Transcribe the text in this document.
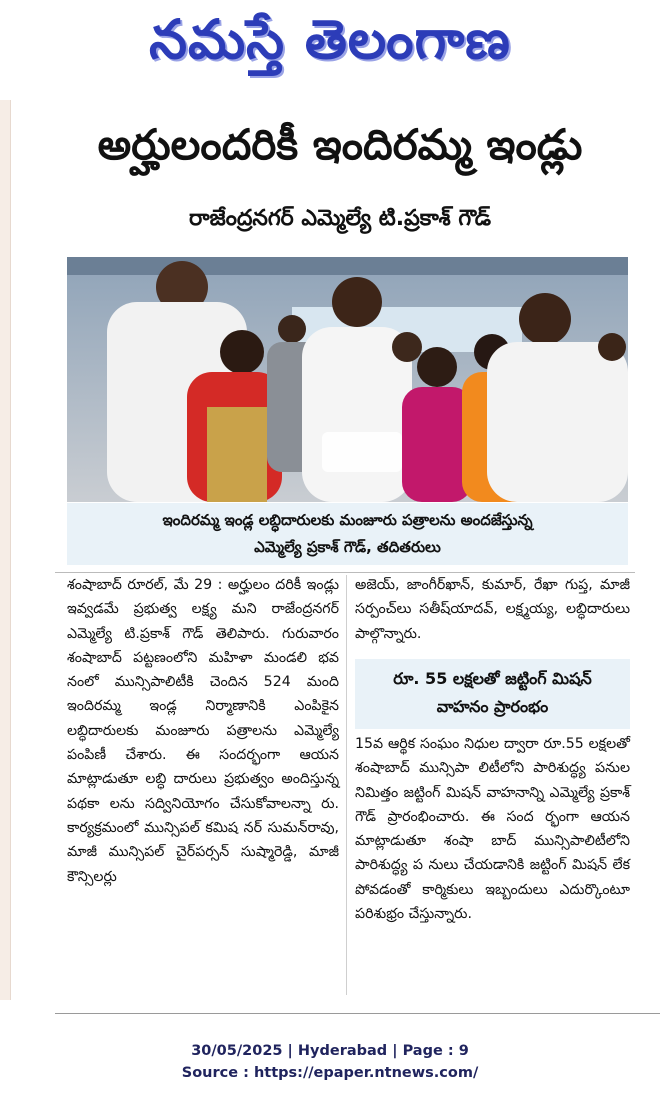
నమస్తే తెలంగాణ
అర్హులందరికీ ఇందిరమ్మ ఇండ్లు
రాజేంద్రనగర్ ఎమ్మెల్యే టి.ప్రకాశ్ గౌడ్
ఇందిరమ్మ ఇండ్ల లబ్ధిదారులకు మంజూరు పత్రాలను అందజేస్తున్న
ఎమ్మెల్యే ప్రకాశ్ గౌడ్, తదితరులు

శంషాబాద్ రూరల్, మే 29 : అర్హులం దరికీ ఇండ్లు ఇవ్వడమే ప్రభుత్వ లక్ష్య మని రాజేంద్రనగర్ ఎమ్మెల్యే టి.ప్రకాశ్ గౌడ్ తెలిపారు. గురువారం శంషాబాద్ పట్టణంలోని మహిళా మండలి భవ నంలో మున్సిపాలిటీకి చెందిన 524 మంది ఇందిరమ్మ ఇండ్ల నిర్మాణానికి ఎంపికైన లబ్ధిదారులకు మంజూరు పత్రాలను ఎమ్మెల్యే పంపిణీ చేశారు. ఈ సందర్భంగా ఆయన మాట్లాడుతూ లబ్ధి దారులు ప్రభుత్వం అందిస్తున్న పథకా లను సద్వినియోగం చేసుకోవాలన్నా రు. కార్యక్రమంలో మున్సిపల్ కమిష నర్ సుమన్‌రావు, మాజీ మున్సిపల్ చైర్‌పర్సన్ సుష్మారెడ్డి, మాజీ కౌన్సిలర్లు

అజెయ్, జాంగీర్‌ఖాన్, కుమార్, రేఖా గుప్త, మాజీ సర్పంచ్‌లు సతీష్‌యాదవ్, లక్ష్మయ్య, లబ్ధిదారులు పాల్గొన్నారు.

రూ. 55 లక్షలతో జట్టింగ్ మిషన్
వాహనం ప్రారంభం

15వ ఆర్థిక సంఘం నిధుల ద్వారా రూ.55 లక్షలతో శంషాబాద్ మున్సిపా లిటీలోని పారిశుద్ధ్య పనుల నిమిత్తం జట్టింగ్ మిషన్ వాహనాన్ని ఎమ్మెల్యే ప్రకాశ్ గౌడ్ ప్రారంభించారు. ఈ సంద ర్భంగా ఆయన మాట్లాడుతూ శంషా బాద్ మున్సిపాలిటీలోని పారిశుద్ధ్య ప నులు చేయడానికి జట్టింగ్ మిషన్ లేక పోవడంతో కార్మికులు ఇబ్బందులు ఎదుర్కొంటూ పరిశుభ్రం చేస్తున్నారు.

30/05/2025 | Hyderabad | Page : 9
Source : https://epaper.ntnews.com/
